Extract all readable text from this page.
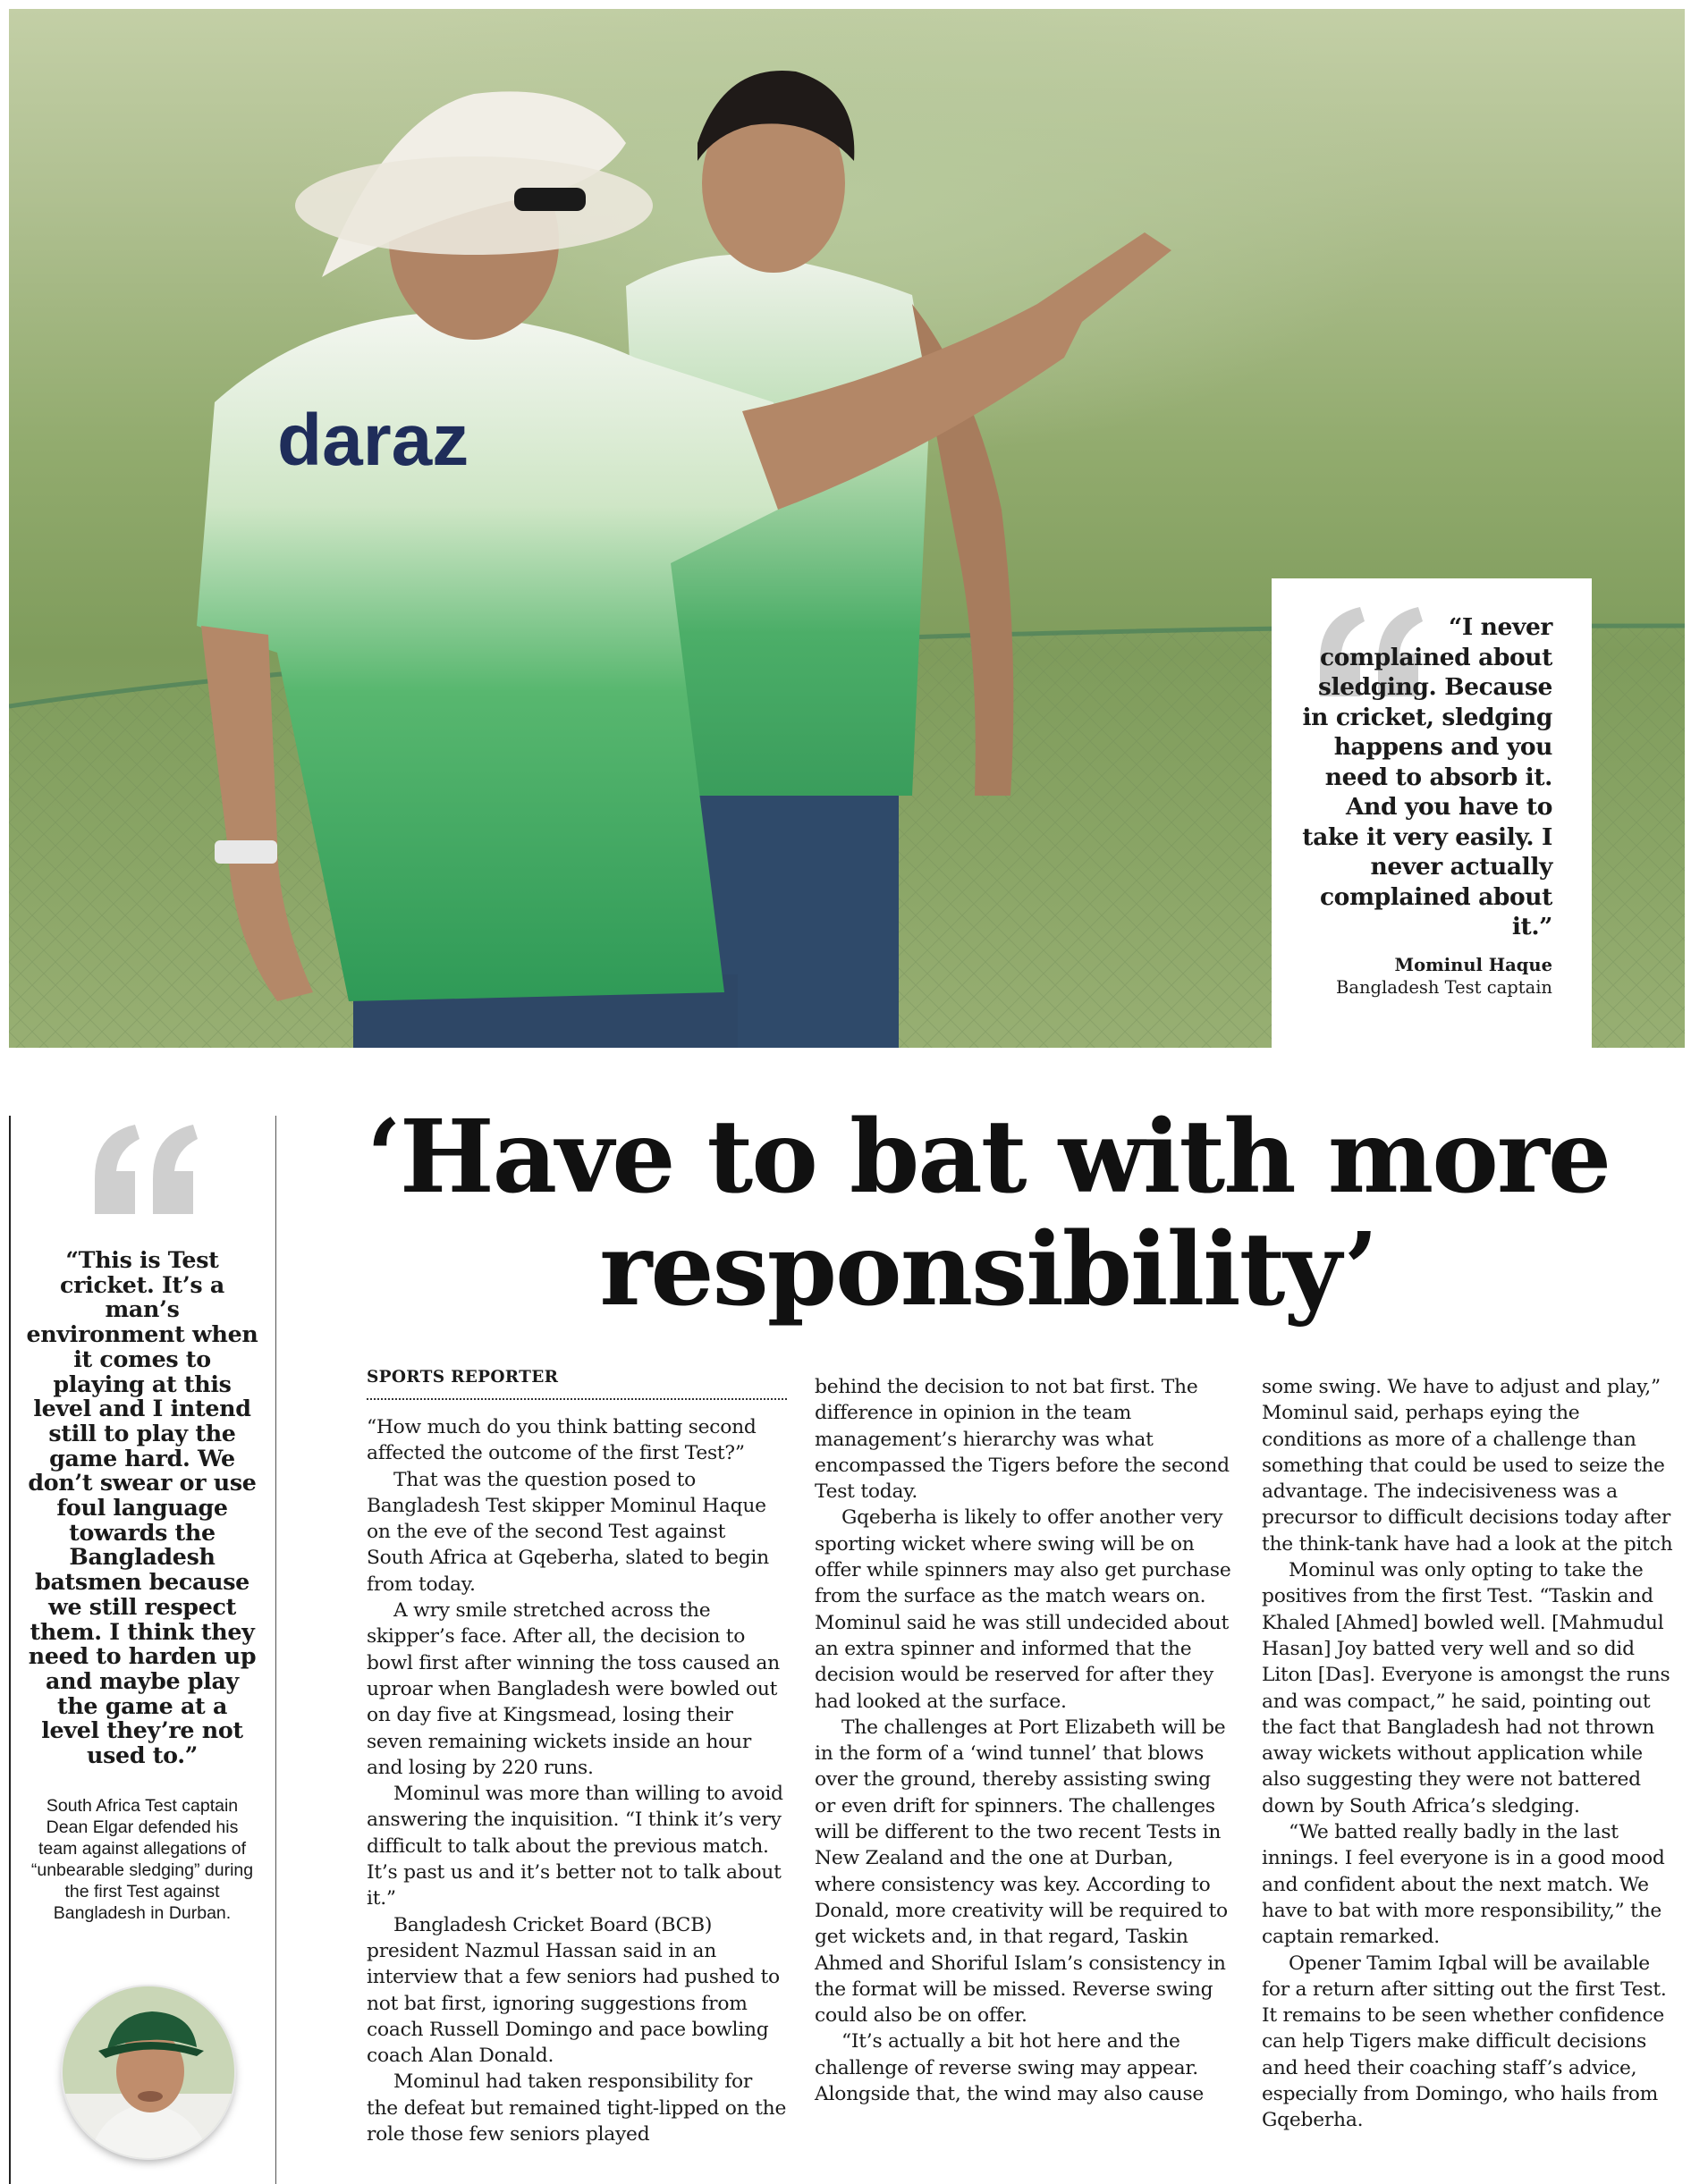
daraz

“I never complained about sledging. Because in cricket, sledging happens and you need to absorb it. And you have to take it very easily. I never actually complained about it.”

Mominul Haque

Bangladesh Test captain

“This is Test cricket. It’s a man’s environment when it comes to playing at this level and I intend still to play the game hard. We don’t swear or use foul language towards the Bangladesh batsmen because we still respect them. I think they need to harden up and maybe play the game at a level they’re not used to.”

South Africa Test captain Dean Elgar defended his team against allegations of “unbearable sledging” during the first Test against Bangladesh in Durban.

‘Have to bat with more responsibility’
SPORTS REPORTER

“How much do you think batting second affected the outcome of the first Test?”

That was the question posed to Bangladesh Test skipper Mominul Haque on the eve of the second Test against South Africa at Gqeberha, slated to begin from today.

A wry smile stretched across the skipper’s face. After all, the decision to bowl first after winning the toss caused an uproar when Bangladesh were bowled out on day five at Kingsmead, losing their seven remaining wickets inside an hour and losing by 220 runs.

Mominul was more than willing to avoid answering the inquisition. “I think it’s very difficult to talk about the previous match. It’s past us and it’s better not to talk about it.”

Bangladesh Cricket Board (BCB) president Nazmul Hassan said in an interview that a few seniors had pushed to not bat first, ignoring suggestions from coach Russell Domingo and pace bowling coach Alan Donald.

Mominul had taken responsibility for the defeat but remained tight-lipped on the role those few seniors played

behind the decision to not bat first. The difference in opinion in the team management’s hierarchy was what encompassed the Tigers before the second Test today.

Gqeberha is likely to offer another very sporting wicket where swing will be on offer while spinners may also get purchase from the surface as the match wears on. Mominul said he was still undecided about an extra spinner and informed that the decision would be reserved for after they had looked at the surface.

The challenges at Port Elizabeth will be in the form of a ‘wind tunnel’ that blows over the ground, thereby assisting swing or even drift for spinners. The challenges will be different to the two recent Tests in New Zealand and the one at Durban, where consistency was key. According to Donald, more creativity will be required to get wickets and, in that regard, Taskin Ahmed and Shoriful Islam’s consistency in the format will be missed. Reverse swing could also be on offer.

“It’s actually a bit hot here and the challenge of reverse swing may appear. Alongside that, the wind may also cause

some swing. We have to adjust and play,” Mominul said, perhaps eying the conditions as more of a challenge than something that could be used to seize the advantage. The indecisiveness was a precursor to difficult decisions today after the think-tank have had a look at the pitch

Mominul was only opting to take the positives from the first Test. “Taskin and Khaled [Ahmed] bowled well. [Mahmudul Hasan] Joy batted very well and so did Liton [Das]. Everyone is amongst the runs and was compact,” he said, pointing out the fact that Bangladesh had not thrown away wickets without application while also suggesting they were not battered down by South Africa’s sledging.

“We batted really badly in the last innings. I feel everyone is in a good mood and confident about the next match. We have to bat with more responsibility,” the captain remarked.

Opener Tamim Iqbal will be available for a return after sitting out the first Test. It remains to be seen whether confidence can help Tigers make difficult decisions and heed their coaching staff’s advice, especially from Domingo, who hails from Gqeberha.
